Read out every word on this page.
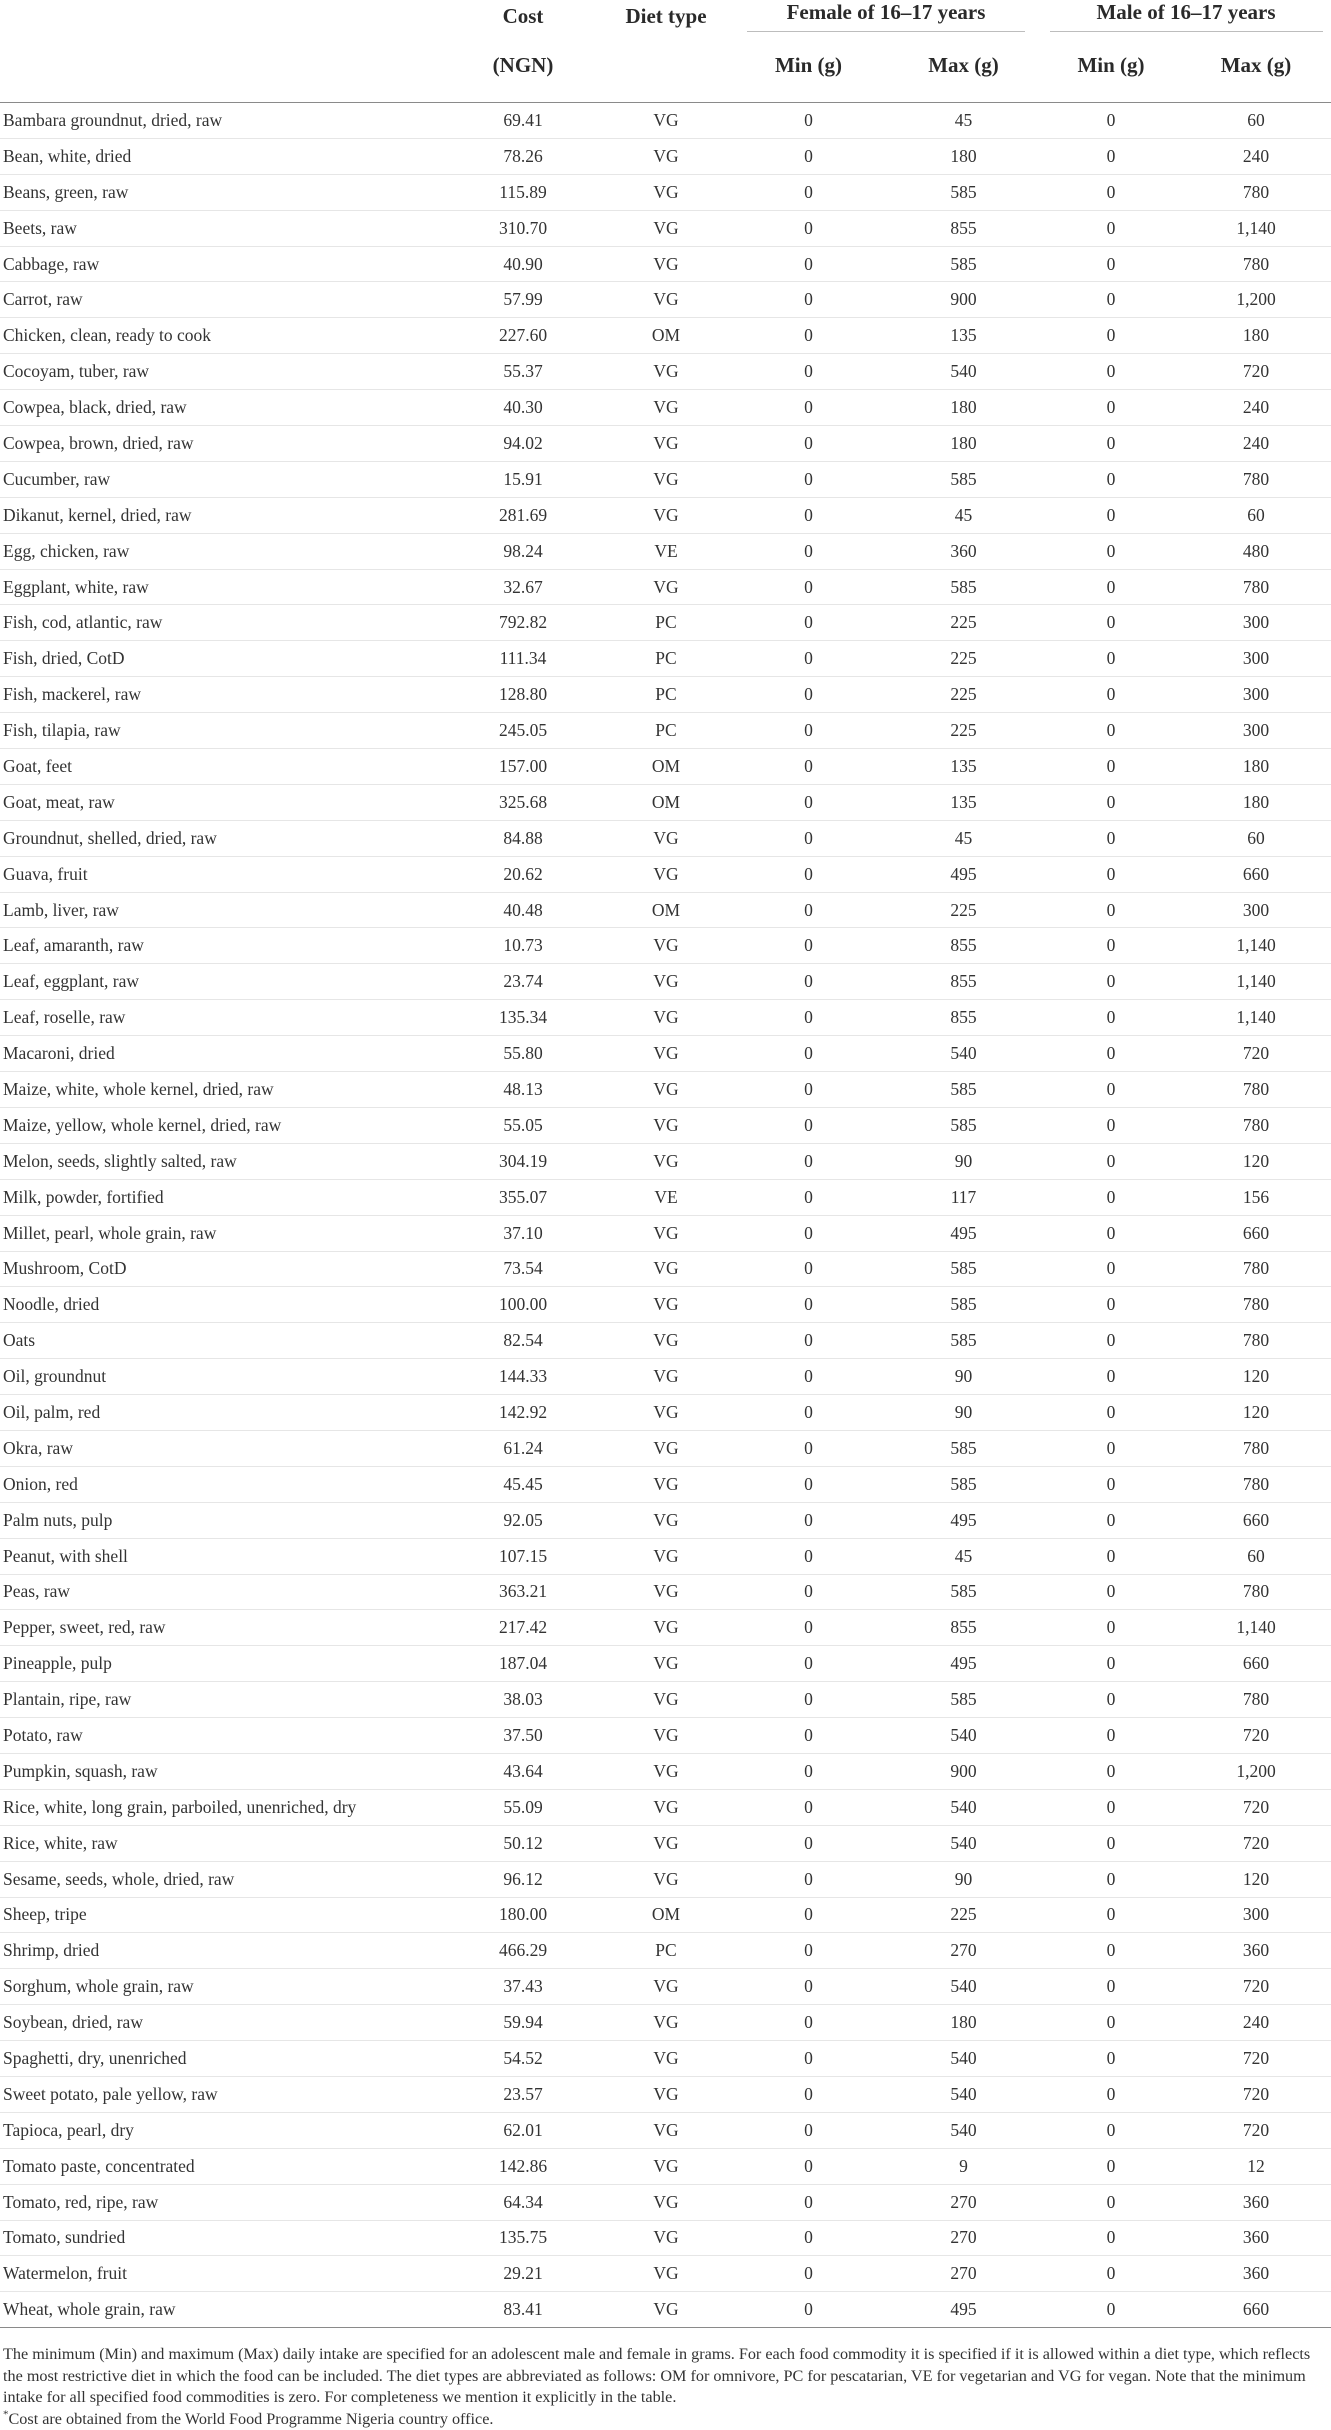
	Cost	Diet type	Female of 16–17 years		Male of 16–17 years	
	(NGN)		Min (g)	Max (g)	Min (g)	Max (g)

Bambara groundnut, dried, raw	69.41	VG	0	45	0	60
Bean, white, dried	78.26	VG	0	180	0	240
Beans, green, raw	115.89	VG	0	585	0	780
Beets, raw	310.70	VG	0	855	0	1,140
Cabbage, raw	40.90	VG	0	585	0	780
Carrot, raw	57.99	VG	0	900	0	1,200
Chicken, clean, ready to cook	227.60	OM	0	135	0	180
Cocoyam, tuber, raw	55.37	VG	0	540	0	720
Cowpea, black, dried, raw	40.30	VG	0	180	0	240
Cowpea, brown, dried, raw	94.02	VG	0	180	0	240
Cucumber, raw	15.91	VG	0	585	0	780
Dikanut, kernel, dried, raw	281.69	VG	0	45	0	60
Egg, chicken, raw	98.24	VE	0	360	0	480
Eggplant, white, raw	32.67	VG	0	585	0	780
Fish, cod, atlantic, raw	792.82	PC	0	225	0	300
Fish, dried, CotD	111.34	PC	0	225	0	300
Fish, mackerel, raw	128.80	PC	0	225	0	300
Fish, tilapia, raw	245.05	PC	0	225	0	300
Goat, feet	157.00	OM	0	135	0	180
Goat, meat, raw	325.68	OM	0	135	0	180
Groundnut, shelled, dried, raw	84.88	VG	0	45	0	60
Guava, fruit	20.62	VG	0	495	0	660
Lamb, liver, raw	40.48	OM	0	225	0	300
Leaf, amaranth, raw	10.73	VG	0	855	0	1,140
Leaf, eggplant, raw	23.74	VG	0	855	0	1,140
Leaf, roselle, raw	135.34	VG	0	855	0	1,140
Macaroni, dried	55.80	VG	0	540	0	720
Maize, white, whole kernel, dried, raw	48.13	VG	0	585	0	780
Maize, yellow, whole kernel, dried, raw	55.05	VG	0	585	0	780
Melon, seeds, slightly salted, raw	304.19	VG	0	90	0	120
Milk, powder, fortified	355.07	VE	0	117	0	156
Millet, pearl, whole grain, raw	37.10	VG	0	495	0	660
Mushroom, CotD	73.54	VG	0	585	0	780
Noodle, dried	100.00	VG	0	585	0	780
Oats	82.54	VG	0	585	0	780
Oil, groundnut	144.33	VG	0	90	0	120
Oil, palm, red	142.92	VG	0	90	0	120
Okra, raw	61.24	VG	0	585	0	780
Onion, red	45.45	VG	0	585	0	780
Palm nuts, pulp	92.05	VG	0	495	0	660
Peanut, with shell	107.15	VG	0	45	0	60
Peas, raw	363.21	VG	0	585	0	780
Pepper, sweet, red, raw	217.42	VG	0	855	0	1,140
Pineapple, pulp	187.04	VG	0	495	0	660
Plantain, ripe, raw	38.03	VG	0	585	0	780
Potato, raw	37.50	VG	0	540	0	720
Pumpkin, squash, raw	43.64	VG	0	900	0	1,200
Rice, white, long grain, parboiled, unenriched, dry	55.09	VG	0	540	0	720
Rice, white, raw	50.12	VG	0	540	0	720
Sesame, seeds, whole, dried, raw	96.12	VG	0	90	0	120
Sheep, tripe	180.00	OM	0	225	0	300
Shrimp, dried	466.29	PC	0	270	0	360
Sorghum, whole grain, raw	37.43	VG	0	540	0	720
Soybean, dried, raw	59.94	VG	0	180	0	240
Spaghetti, dry, unenriched	54.52	VG	0	540	0	720
Sweet potato, pale yellow, raw	23.57	VG	0	540	0	720
Tapioca, pearl, dry	62.01	VG	0	540	0	720
Tomato paste, concentrated	142.86	VG	0	9	0	12
Tomato, red, ripe, raw	64.34	VG	0	270	0	360
Tomato, sundried	135.75	VG	0	270	0	360
Watermelon, fruit	29.21	VG	0	270	0	360
Wheat, whole grain, raw	83.41	VG	0	495	0	660

The minimum (Min) and maximum (Max) daily intake are specified for an adolescent male and female in grams. For each food commodity it is specified if it is allowed within a diet type, which reflects the most restrictive diet in which the food can be included. The diet types are abbreviated as follows: OM for omnivore, PC for pescatarian, VE for vegetarian and VG for vegan. Note that the minimum intake for all specified food commodities is zero. For completeness we mention it explicitly in the table.

*Cost are obtained from the World Food Programme Nigeria country office.
